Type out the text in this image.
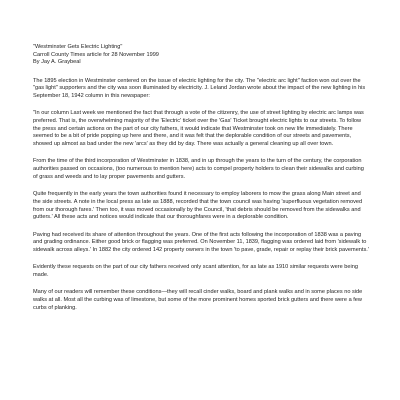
"Westminster Gets Electric Lighting"
Carroll County Times article for 28 November 1999
By Jay A. Graybeal

The 1895 election in Westminster centered on the issue of electric lighting for the city. The "electric arc light" faction won out over the "gas light" supporters and the city was soon illuminated by electricity. J. Leland Jordan wrote about the impact of the new lighting in his September 18, 1942 column in this newspaper:

"In our column Last week we mentioned the fact that through a vote of the citizenry, the use of street lighting by electric arc lamps was preferred. That is, the overwhelming majority of the 'Electric' ticket over the 'Gas' Ticket brought electric lights to our streets. To follow the press and certain actions on the part of our city fathers, it would indicate that Westminster took on new life immediately. There seemed to be a bit of pride popping up here and there, and it was felt that the deplorable condition of our streets and pavements, showed up almost as bad under the new 'arcs' as they did by day. There was actually a general cleaning up all over town.

From the time of the third incorporation of Westminster in 1838, and in up through the years to the turn of the century, the corporation authorities passed on occasions, (too numerous to mention here) acts to compel property holders to clean their sidewalks and curbing of grass and weeds and to lay proper pavements and gutters.

Quite frequently in the early years the town authorities found it necessary to employ laborers to mow the grass along Main street and the side streets. A note in the local press as late as 1888, recorded that the town council was having 'superfluous vegetation removed from our thorough fares.' Then too, it was moved occasionally by the Council, 'that debris should be removed from the sidewalks and gutters.' All these acts and notices would indicate that our thoroughfares were in a deplorable condition.

Paving had received its share of attention throughout the years. One of the first acts following the incorporation of 1838 was a paving and grading ordinance. Either good brick or flagging was preferred. On November 11, 1839, flagging was ordered laid from 'sidewalk to sidewalk across alleys.' In 1882 the city ordered 142 property owners in the town 'to pave, grade, repair or replay their brick pavements.'

Evidently these requests on the part of our city fathers received only scant attention, for as late as 1910 similar requests were being made.

Many of our readers will remember these conditions—they will recall cinder walks, board and plank walks and in some places no side walks at all. Most all the curbing was of limestone, but some of the more prominent homes sported brick gutters and there were a few curbs of planking.
